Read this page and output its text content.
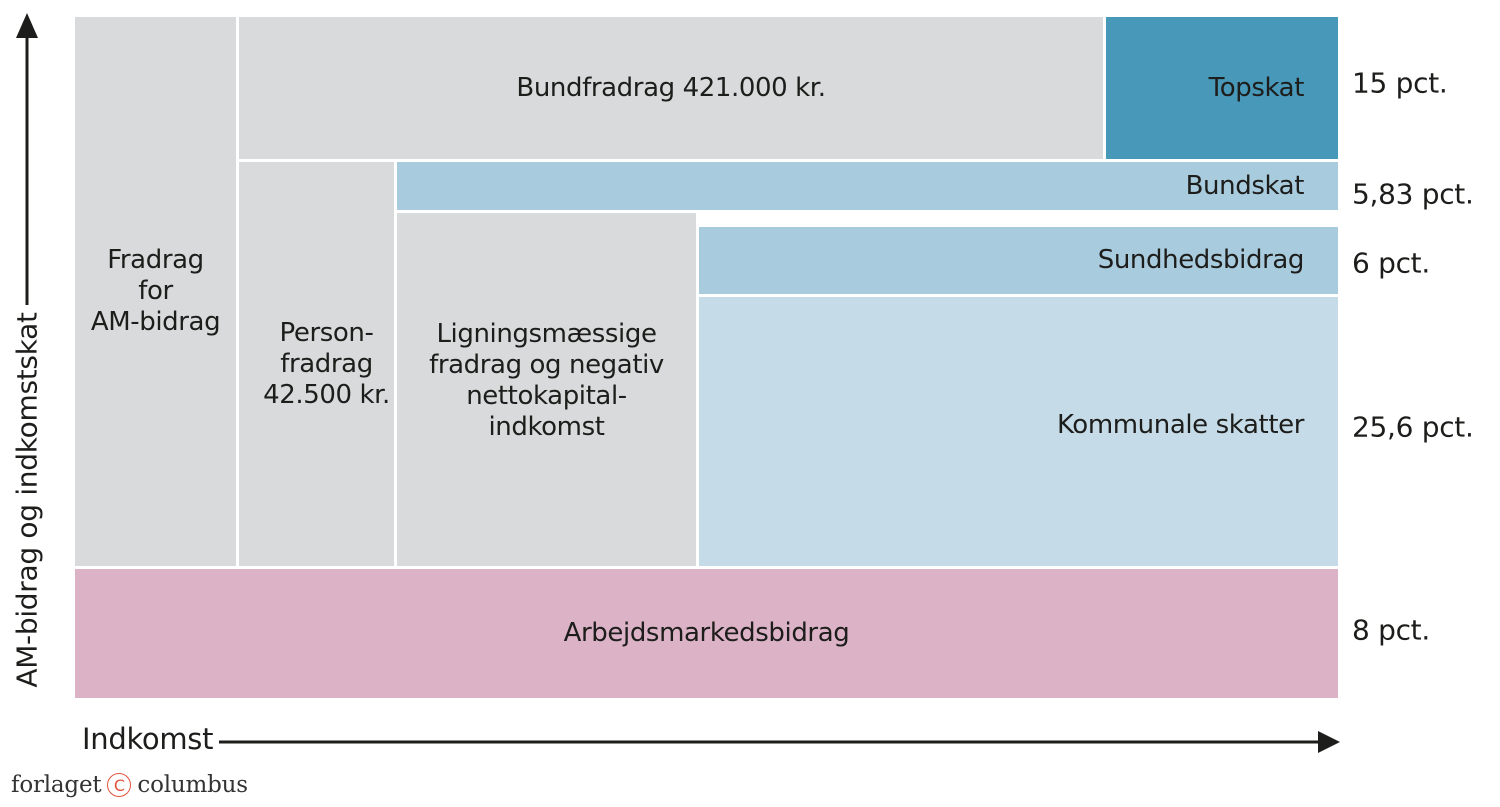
Fradrag
for
AM-bidrag
Bundfradrag 421.000 kr.	Topskat
Person-
fradrag
42.500 kr.
Bundskat
Ligningsmæssige
fradrag og negativ
nettokapital-
indkomst
Sundhedsbidrag
Kommunale skatter
Arbejdsmarkedsbidrag
15 pct.
5,83 pct.
6 pct.
25,6 pct.
8 pct.
AM-bidrag og indkomstskat
Indkomst
forlaget C columbus
